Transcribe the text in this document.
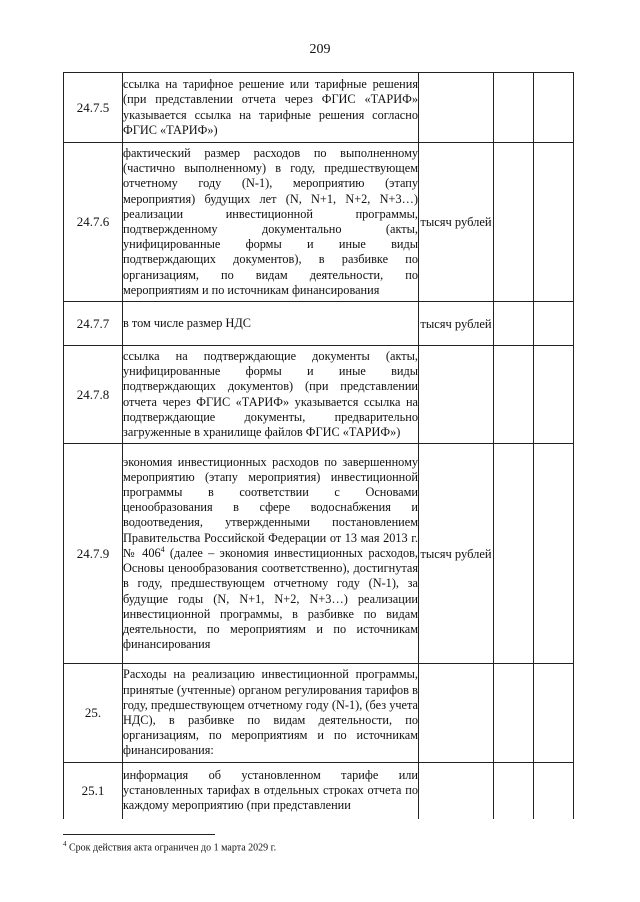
209
24.7.5	ссылка на тарифное решение или тарифные решения (при представлении отчета через ФГИС «ТАРИФ» указывается ссылка на тарифные решения согласно ФГИС «ТАРИФ»)			
24.7.6	фактический размер расходов по выполненному (частично выполненному) в году, предшествующем отчетному году (N-1), мероприятию (этапу мероприятия) будущих лет (N, N+1, N+2, N+3…) реализации инвестиционной программы, подтвержденному документально (акты, унифицированные формы и иные виды подтверждающих документов), в разбивке по организациям, по видам деятельности, по мероприятиям и по источникам финансирования	тысяч рублей		
24.7.7	в том числе размер НДС	тысяч рублей		
24.7.8	ссылка на подтверждающие документы (акты, унифицированные формы и иные виды подтверждающих документов) (при представлении отчета через ФГИС «ТАРИФ» указывается ссылка на подтверждающие документы, предварительно загруженные в хранилище файлов ФГИС «ТАРИФ»)			
24.7.9	экономия инвестиционных расходов по завершенному мероприятию (этапу мероприятия) инвестиционной программы в соответствии с Основами ценообразования в сфере водоснабжения и водоотведения, утвержденными постановлением Правительства Российской Федерации от 13 мая 2013 г. № $406^4$ (далее – экономия инвестиционных расходов, Основы ценообразования соответственно), достигнутая в году, предшествующем отчетному году (N-1), за будущие годы (N, N+1, N+2, N+3…) реализации инвестиционной программы, в разбивке по видам деятельности, по мероприятиям и по источникам финансирования	тысяч рублей		
25.	Расходы на реализацию инвестиционной программы, принятые (учтенные) органом регулирования тарифов в году, предшествующем отчетному году (N-1), (без учета НДС), в разбивке по видам деятельности, по организациям, по мероприятиям и по источникам финансирования:			
25.1	информация об установленном тарифе или установленных тарифах в отдельных строках отчета по каждому мероприятию (при представлении			
$^4$ Срок действия акта ограничен до 1 марта 2029 г.
